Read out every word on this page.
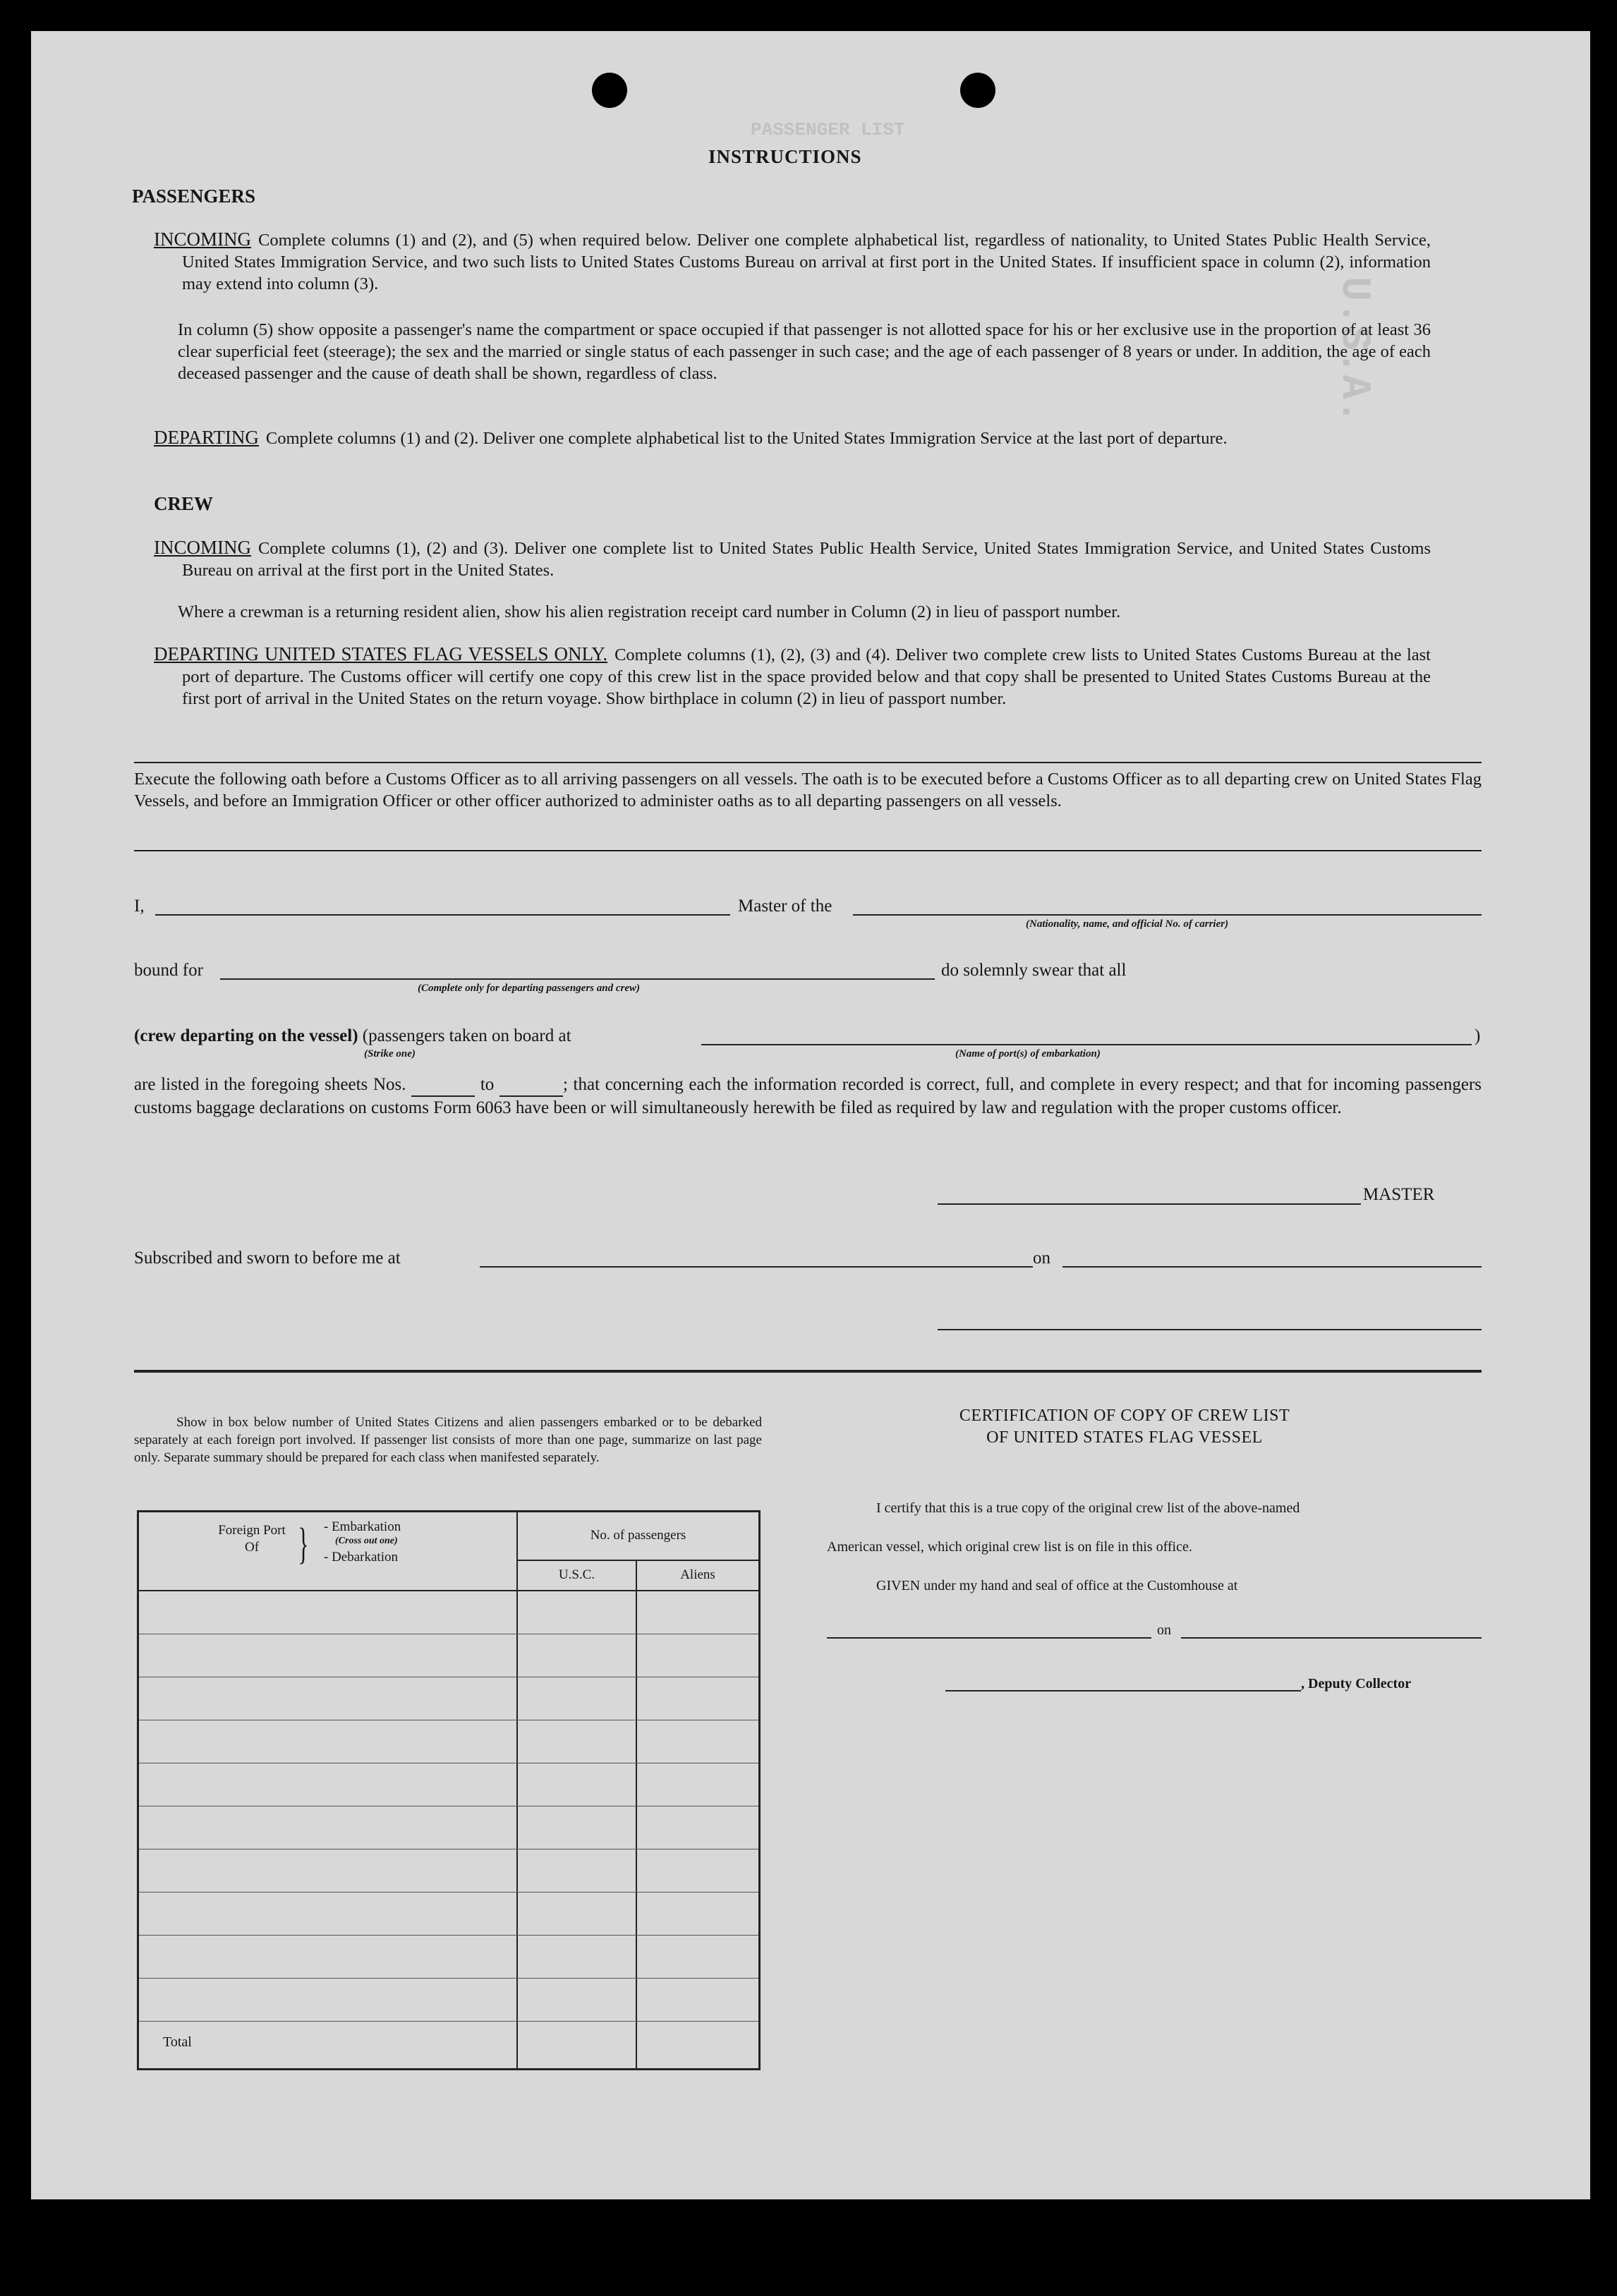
PASSENGER LIST
U.S.A.
INSTRUCTIONS
PASSENGERS
INCOMING Complete columns (1) and (2), and (5) when required below. Deliver one complete alphabetical list, regardless of nationality, to United States Public Health Service, United States Immigration Service, and two such lists to United States Customs Bureau on arrival at first port in the United States. If insufficient space in column (2), information may extend into column (3).
In column (5) show opposite a passenger's name the compartment or space occupied if that passenger is not allotted space for his or her exclusive use in the proportion of at least 36 clear superficial feet (steerage); the sex and the married or single status of each passenger in such case; and the age of each passenger of 8 years or under. In addition, the age of each deceased passenger and the cause of death shall be shown, regardless of class.
DEPARTING Complete columns (1) and (2). Deliver one complete alphabetical list to the United States Immigration Service at the last port of departure.
CREW
INCOMING Complete columns (1), (2) and (3). Deliver one complete list to United States Public Health Service, United States Immigration Service, and United States Customs Bureau on arrival at the first port in the United States.
Where a crewman is a returning resident alien, show his alien registration receipt card number in Column (2) in lieu of passport number.
DEPARTING UNITED STATES FLAG VESSELS ONLY. Complete columns (1), (2), (3) and (4). Deliver two complete crew lists to United States Customs Bureau at the last port of departure. The Customs officer will certify one copy of this crew list in the space provided below and that copy shall be presented to United States Customs Bureau at the first port of arrival in the United States on the return voyage. Show birthplace in column (2) in lieu of passport number.
Execute the following oath before a Customs Officer as to all arriving passengers on all vessels. The oath is to be executed before a Customs Officer as to all departing crew on United States Flag Vessels, and before an Immigration Officer or other officer authorized to administer oaths as to all departing passengers on all vessels.
I,	Master of the
(Nationality, name, and official No. of carrier)
bound for	do solemnly swear that all
(Complete only for departing passengers and crew)
(crew departing on the vessel) (passengers taken on board at	)
(Strike one)	(Name of port(s) of embarkation)
are listed in the foregoing sheets Nos.	to	; that concerning each the information recorded is correct, full, and complete in every respect; and that for incoming passengers customs baggage declarations on customs Form 6063 have been or will simultaneously herewith be filed as required by law and regulation with the proper customs officer.
MASTER
Subscribed and sworn to before me at	on
Show in box below number of United States Citizens and alien passengers embarked or to be debarked separately at each foreign port involved. If passenger list consists of more than one page, summarize on last page only. Separate summary should be prepared for each class when manifested separately.
Foreign Port Of } - Embarkation
(Cross out one)
- Debarkation
No. of passengers
U.S.C.	Aliens
Total
CERTIFICATION OF COPY OF CREW LIST
OF UNITED STATES FLAG VESSEL
I certify that this is a true copy of the original crew list of the above-named
American vessel, which original crew list is on file in this office.
GIVEN under my hand and seal of office at the Customhouse at
on
, Deputy Collector
